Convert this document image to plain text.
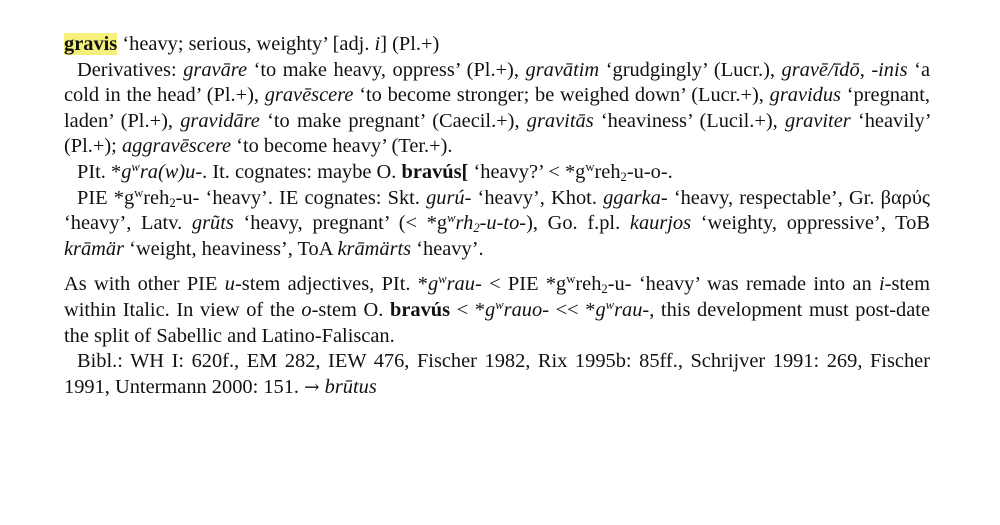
gravis ‘heavy; serious, weighty’ [adj. i] (Pl.+)

Derivatives: gravāre ‘to make heavy, oppress’ (Pl.+), gravātim ‘grudgingly’ (Lucr.), gravē/īdō, -inis ‘a cold in the head’ (Pl.+), gravēscere ‘to become stronger; be weighed down’ (Lucr.+), gravidus ‘pregnant, laden’ (Pl.+), gravidāre ‘to make pregnant’ (Caecil.+), gravitās ‘heaviness’ (Lucil.+), graviter ‘heavily’ (Pl.+); aggravēscere ‘to become heavy’ (Ter.+).

PIt. $*g^wra(w)u-$. It. cognates: maybe O. bravús[ ‘heavy?’ < $*g^wreh_2-u-o-$.

PIE $*g^wreh_2-u-$ ‘heavy’. IE cognates: Skt. gurú- ‘heavy’, Khot. ggarka- ‘heavy, respectable’, Gr. βαρύς ‘heavy’, Latv. grũts ‘heavy, pregnant’ (< $*g^wrh_2-u-to-$), Go. f.pl. kaurjos ‘weighty, oppressive’, ToB krāmär ‘weight, heaviness’, ToA krāmärts ‘heavy’.

As with other PIE u-stem adjectives, PIt. $*g^wrau-$ < PIE $*g^wreh_2-u-$ ‘heavy’ was remade into an i-stem within Italic. In view of the o-stem O. bravús < $*g^wrauo- << *g^wrau-$, this development must post-date the split of Sabellic and Latino-Faliscan.

Bibl.: WH I: 620f., EM 282, IEW 476, Fischer 1982, Rix 1995b: 85ff., Schrijver 1991: 269, Fischer 1991, Untermann 2000: 151. → brūtus
